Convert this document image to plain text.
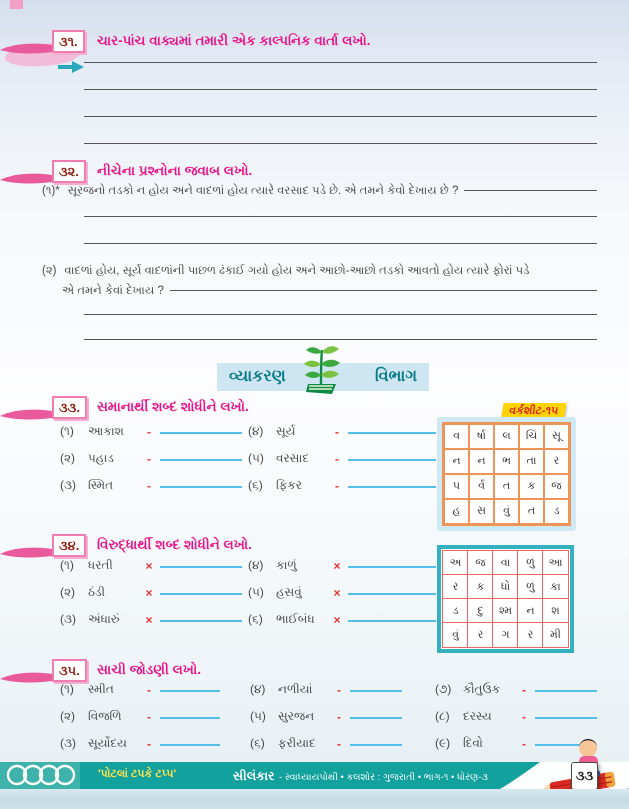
૩૧.	ચાર-પાંચ વાક્યમાં તમારી એક કાલ્પનિક વાર્તા લખો.
૩૨.	નીચેના પ્રશ્નોના જવાબ લખો.
(૧)* સૂરજનો તડકો ન હોય અને વાદળાં હોય ત્યારે વરસાદ પડે છે. એ તમને કેવો દેખાય છે ?
(૨) વાદળાં હોય, સૂર્ય વાદળાંની પાછળ ઢંકાઈ ગયો હોય અને આછો-આછો તડકો આવતો હોય ત્યારે ફોરાં પડે
એ તમને કેવાં દેખાય ?
વ્યાકરણ	વિભાગ
૩૩.	સમાનાર્થી શબ્દ શોધીને લખો.	વર્કશીટ-૧૫
(૧)	આકાશ	-
(૨)	પહાડ	-
(૩)	સ્મિત	-
(૪)	સૂર્ય	-
(૫)	વરસાદ	-
(૬)	ફિકર	-
વ	ર્ષા	લ	ચિં	સૂ
ન	ન	ભ	તા	ર
પ	ર્વ	ત	ક	જ
હ	સ	વું	ત	ડ
૩૪.	વિરુદ્ધાર્થી શબ્દ શોધીને લખો.
(૧)	ધરતી	×
(૨)	ઠંડી	×
(૩)	અંધારું	×
(૪)	કાળું	×
(૫)	હસવું	×
(૬)	ભાઈબંધ	×
અ	જ	વા	ળું	આ
ર	ક	ધો	ળું	કા
ડ	દુ	શ્મ	ન	શ
વું	ર	ગ	ર	મી
૩૫.	સાચી જોડણી લખો.
(૧)	સ્મીત	-
(૨)	વિજળિ	-
(૩)	સૂર્યોદય	-
(૪)	નળીયાં	-
(૫)	સુરજન	-
(૬)	ફરીયાદ	-
(૭) કૌતુઉક	-
(૮)	દરસ્ય	-
(૯)	દિવો	-
'પોટલાં ટપકે ટપ્પ'	સીલંકાર - સ્વાધ્યાયપોથી • કલશોર : ગુજરાતી • ભાગ-૧ • ધોરણ-૩	૩૩
